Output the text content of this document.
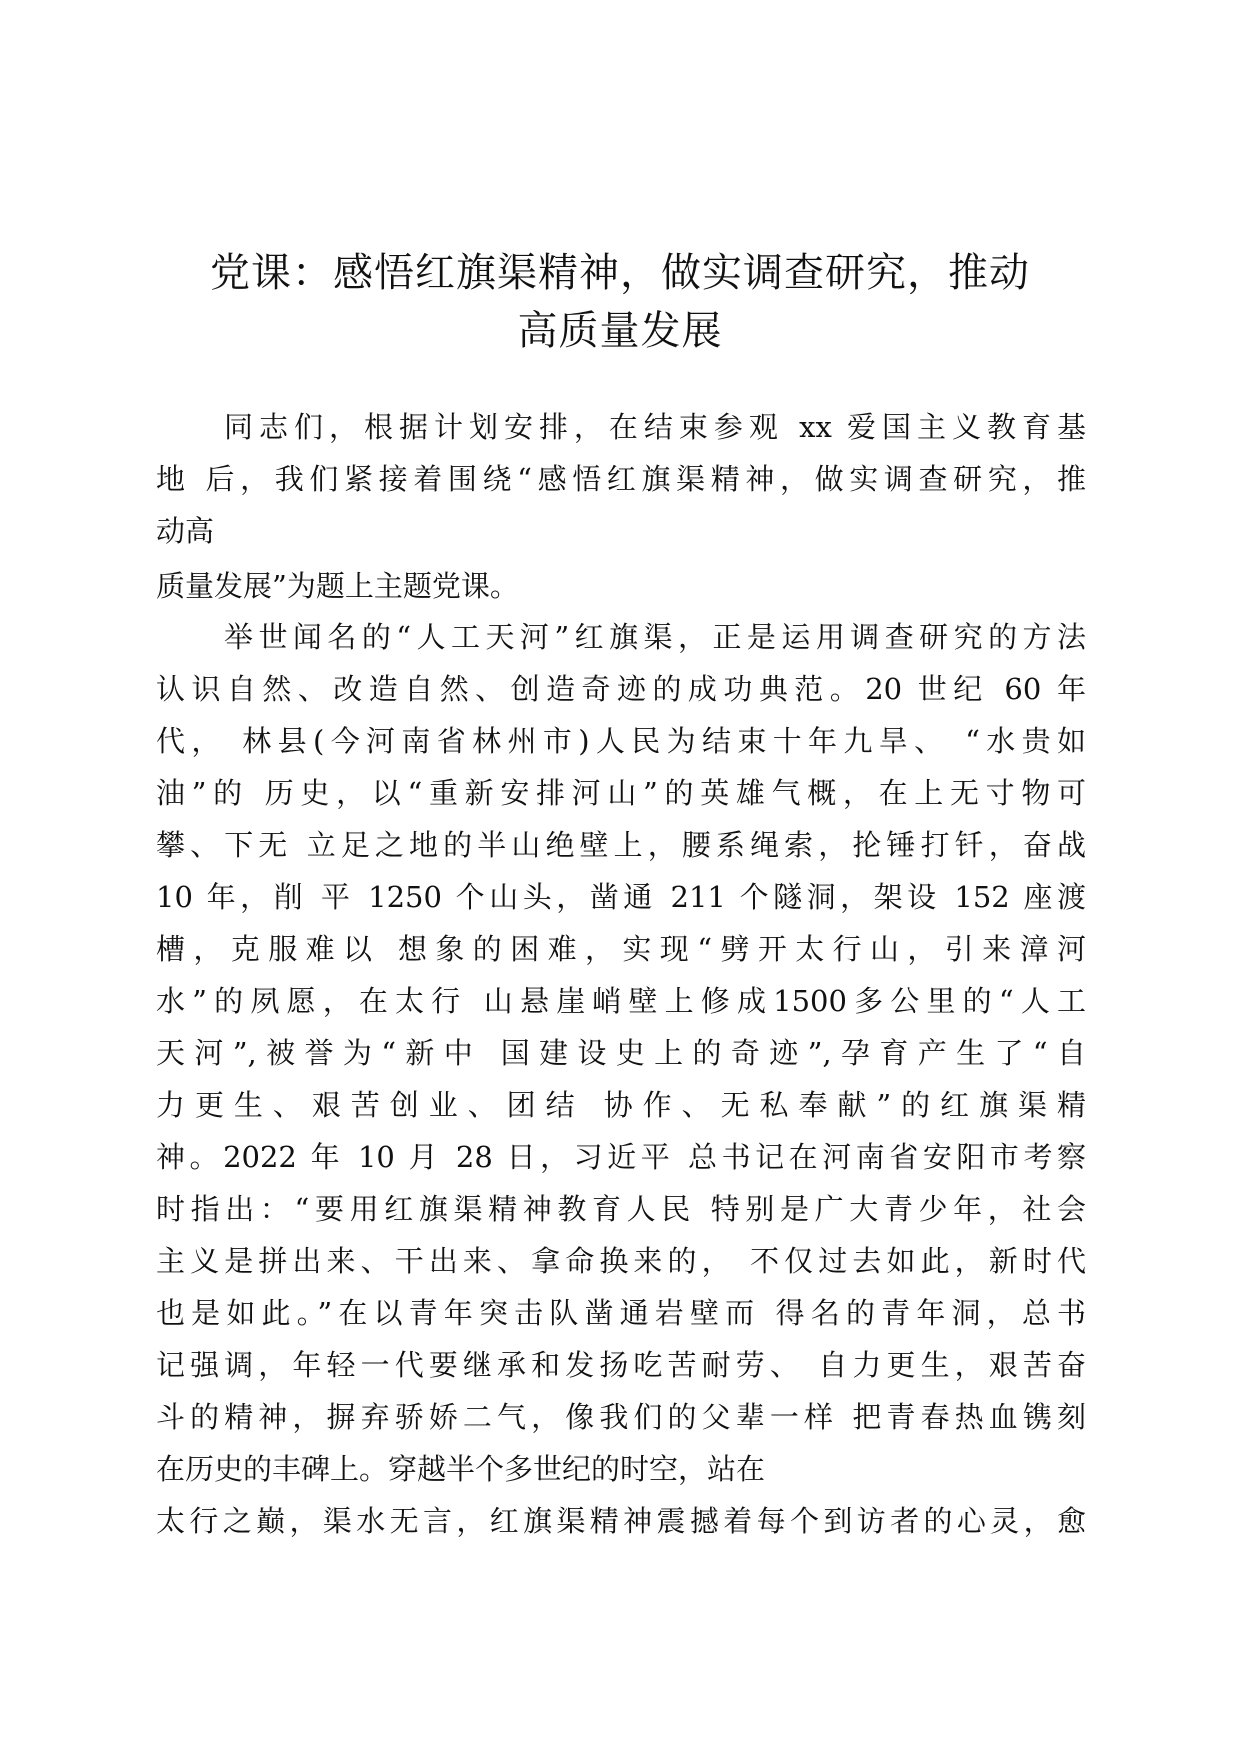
党课：感悟红旗渠精神，做实调查研究，推动
高质量发展
同志们，根据计划安排，在结束参观 xx 爱国主义教育基
地 后，我们紧接着围绕“感悟红旗渠精神，做实调查研究，推
动高
质量发展”为题上主题党课。
举世闻名的“人工天河”红旗渠，正是运用调查研究的方法
认识自然、改造自然、创造奇迹的成功典范。20 世纪 60 年
代， 林县(今河南省林州市)人民为结束十年九旱、 “水贵如
油”的 历史，以“重新安排河山”的英雄气概，在上无寸物可
攀、下无 立足之地的半山绝壁上，腰系绳索，抡锤打钎，奋战
10 年，削 平 1250 个山头，凿通 211 个隧洞，架设 152 座渡
槽，克服难以 想象的困难，实现“劈开太行山，引来漳河
水”的夙愿，在太行 山悬崖峭壁上修成1500多公里的“人工
天河”,被誉为“新中 国建设史上的奇迹”,孕育产生了“自
力更生、艰苦创业、团结 协作、无私奉献”的红旗渠精
神。2022 年 10 月 28 日，习近平 总书记在河南省安阳市考察
时指出：“要用红旗渠精神教育人民 特别是广大青少年，社会
主义是拼出来、干出来、拿命换来的， 不仅过去如此，新时代
也是如此。”在以青年突击队凿通岩壁而 得名的青年洞，总书
记强调，年轻一代要继承和发扬吃苦耐劳、 自力更生，艰苦奋
斗的精神，摒弃骄娇二气，像我们的父辈一样 把青春热血镌刻
在历史的丰碑上。穿越半个多世纪的时空，站在
太行之巅，渠水无言，红旗渠精神震撼着每个到访者的心灵，愈
